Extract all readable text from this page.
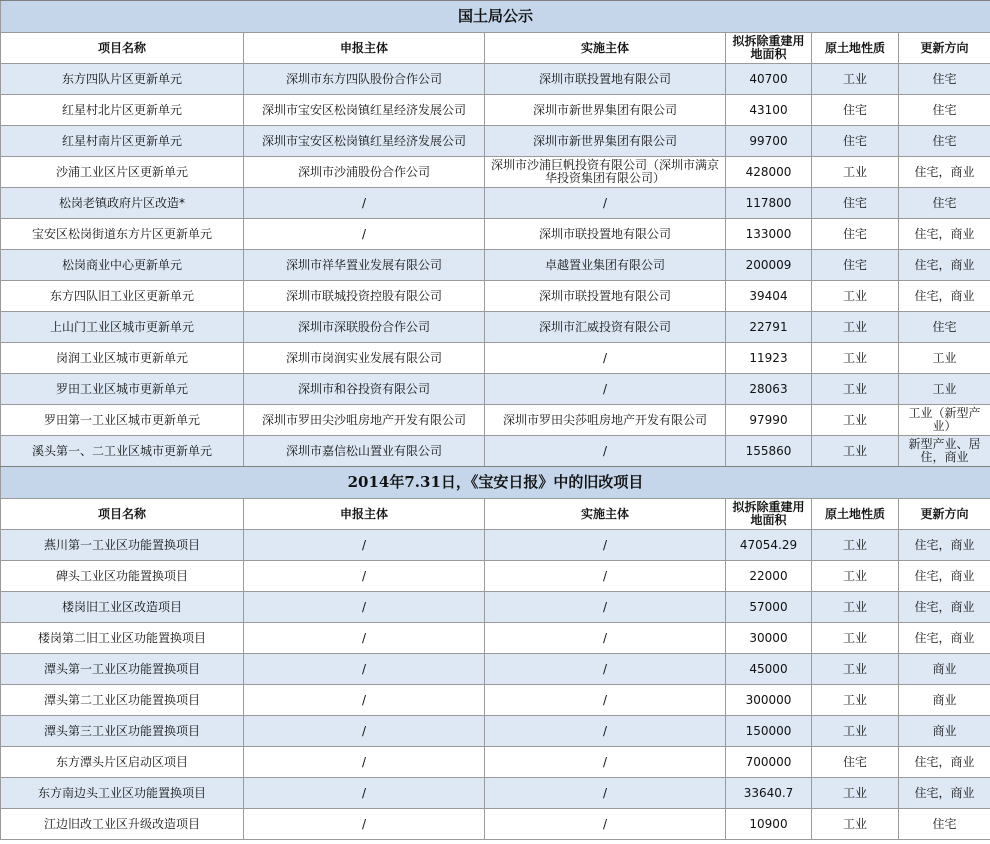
国土局公示					
项目名称	申报主体	实施主体	拟拆除重建用地面积	原土地性质	更新方向
东方四队片区更新单元	深圳市东方四队股份合作公司	深圳市联投置地有限公司	40700	工业	住宅
红星村北片区更新单元	深圳市宝安区松岗镇红星经济发展公司	深圳市新世界集团有限公司	43100	住宅	住宅
红星村南片区更新单元	深圳市宝安区松岗镇红星经济发展公司	深圳市新世界集团有限公司	99700	住宅	住宅
沙浦工业区片区更新单元	深圳市沙浦股份合作公司	深圳市沙浦巨帆投资有限公司（深圳市满京华投资集团有限公司）	428000	工业	住宅，商业
松岗老镇政府片区改造*	/	/	117800	住宅	住宅
宝安区松岗街道东方片区更新单元	/	深圳市联投置地有限公司	133000	住宅	住宅，商业
松岗商业中心更新单元	深圳市祥华置业发展有限公司	卓越置业集团有限公司	200009	住宅	住宅，商业
东方四队旧工业区更新单元	深圳市联城投资控股有限公司	深圳市联投置地有限公司	39404	工业	住宅，商业
上山门工业区城市更新单元	深圳市深联股份合作公司	深圳市汇威投资有限公司	22791	工业	住宅
岗润工业区城市更新单元	深圳市岗润实业发展有限公司	/	11923	工业	工业
罗田工业区城市更新单元	深圳市和谷投资有限公司	/	28063	工业	工业
罗田第一工业区城市更新单元	深圳市罗田尖沙咀房地产开发有限公司	深圳市罗田尖莎咀房地产开发有限公司	97990	工业	工业（新型产业）
溪头第一、二工业区城市更新单元	深圳市嘉信松山置业有限公司	/	155860	工业	新型产业、居住，商业
2014年7.31日，《宝安日报》中的旧改项目					
项目名称	申报主体	实施主体	拟拆除重建用地面积	原土地性质	更新方向
燕川第一工业区功能置换项目	/	/	47054.29	工业	住宅，商业
碑头工业区功能置换项目	/	/	22000	工业	住宅，商业
楼岗旧工业区改造项目	/	/	57000	工业	住宅，商业
楼岗第二旧工业区功能置换项目	/	/	30000	工业	住宅，商业
潭头第一工业区功能置换项目	/	/	45000	工业	商业
潭头第二工业区功能置换项目	/	/	300000	工业	商业
潭头第三工业区功能置换项目	/	/	150000	工业	商业
东方潭头片区启动区项目	/	/	700000	住宅	住宅，商业
东方南边头工业区功能置换项目	/	/	33640.7	工业	住宅，商业
江边旧改工业区升级改造项目	/	/	10900	工业	住宅
